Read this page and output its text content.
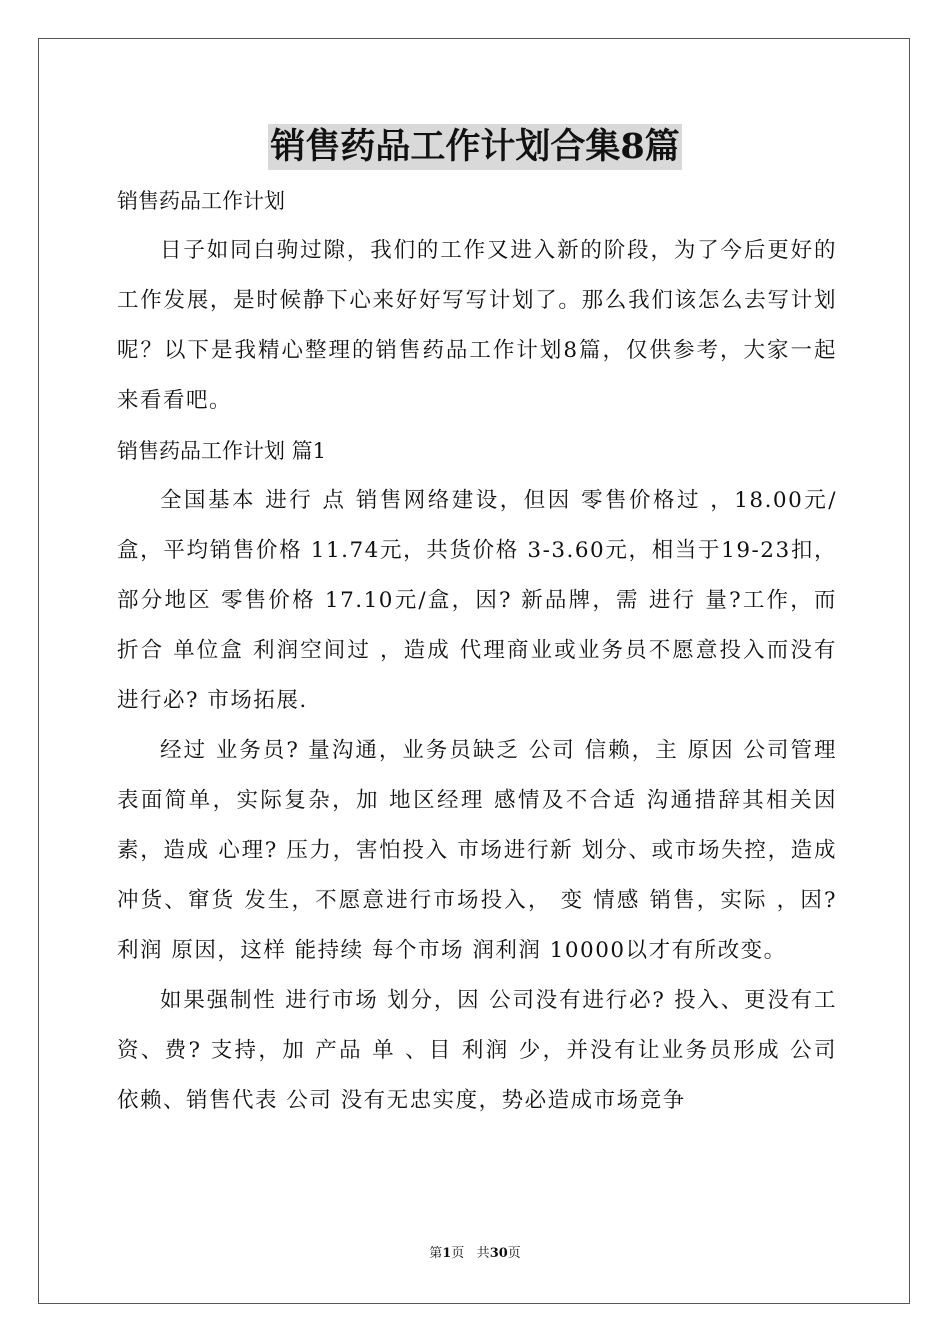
销售药品工作计划合集8篇

销售药品工作计划

日子如同白驹过隙，我们的工作又进入新的阶段，为了今后更好的工作发展，是时候静下心来好好写写计划了。那么我们该怎么去写计划呢？以下是我精心整理的销售药品工作计划8篇，仅供参考，大家一起来看看吧。

销售药品工作计划 篇1

全国基本 进行 点 销售网络建设，但因 零售价格过 ，18.00元/盒，平均销售价格 11.74元，共货价格 3-3.60元，相当于19-23扣，部分地区 零售价格 17.10元/盒，因? 新品牌，需 进行 量?工作，而折合 单位盒 利润空间过 ，造成 代理商业或业务员不愿意投入而没有进行必? 市场拓展.

经过 业务员? 量沟通，业务员缺乏 公司 信赖，主 原因 公司管理表面简单，实际复杂，加 地区经理 感情及不合适 沟通措辞其相关因素，造成 心理? 压力，害怕投入 市场进行新 划分、或市场失控，造成冲货、窜货 发生，不愿意进行市场投入， 变 情感 销售，实际 ，因? 利润 原因，这样 能持续 每个市场 润利润 10000以才有所改变。

如果强制性 进行市场 划分，因 公司没有进行必? 投入、更没有工资、费? 支持，加 产品 单 、目 利润 少，并没有让业务员形成 公司 依赖、销售代表 公司 没有无忠实度，势必造成市场竞争

第1页 共30页
